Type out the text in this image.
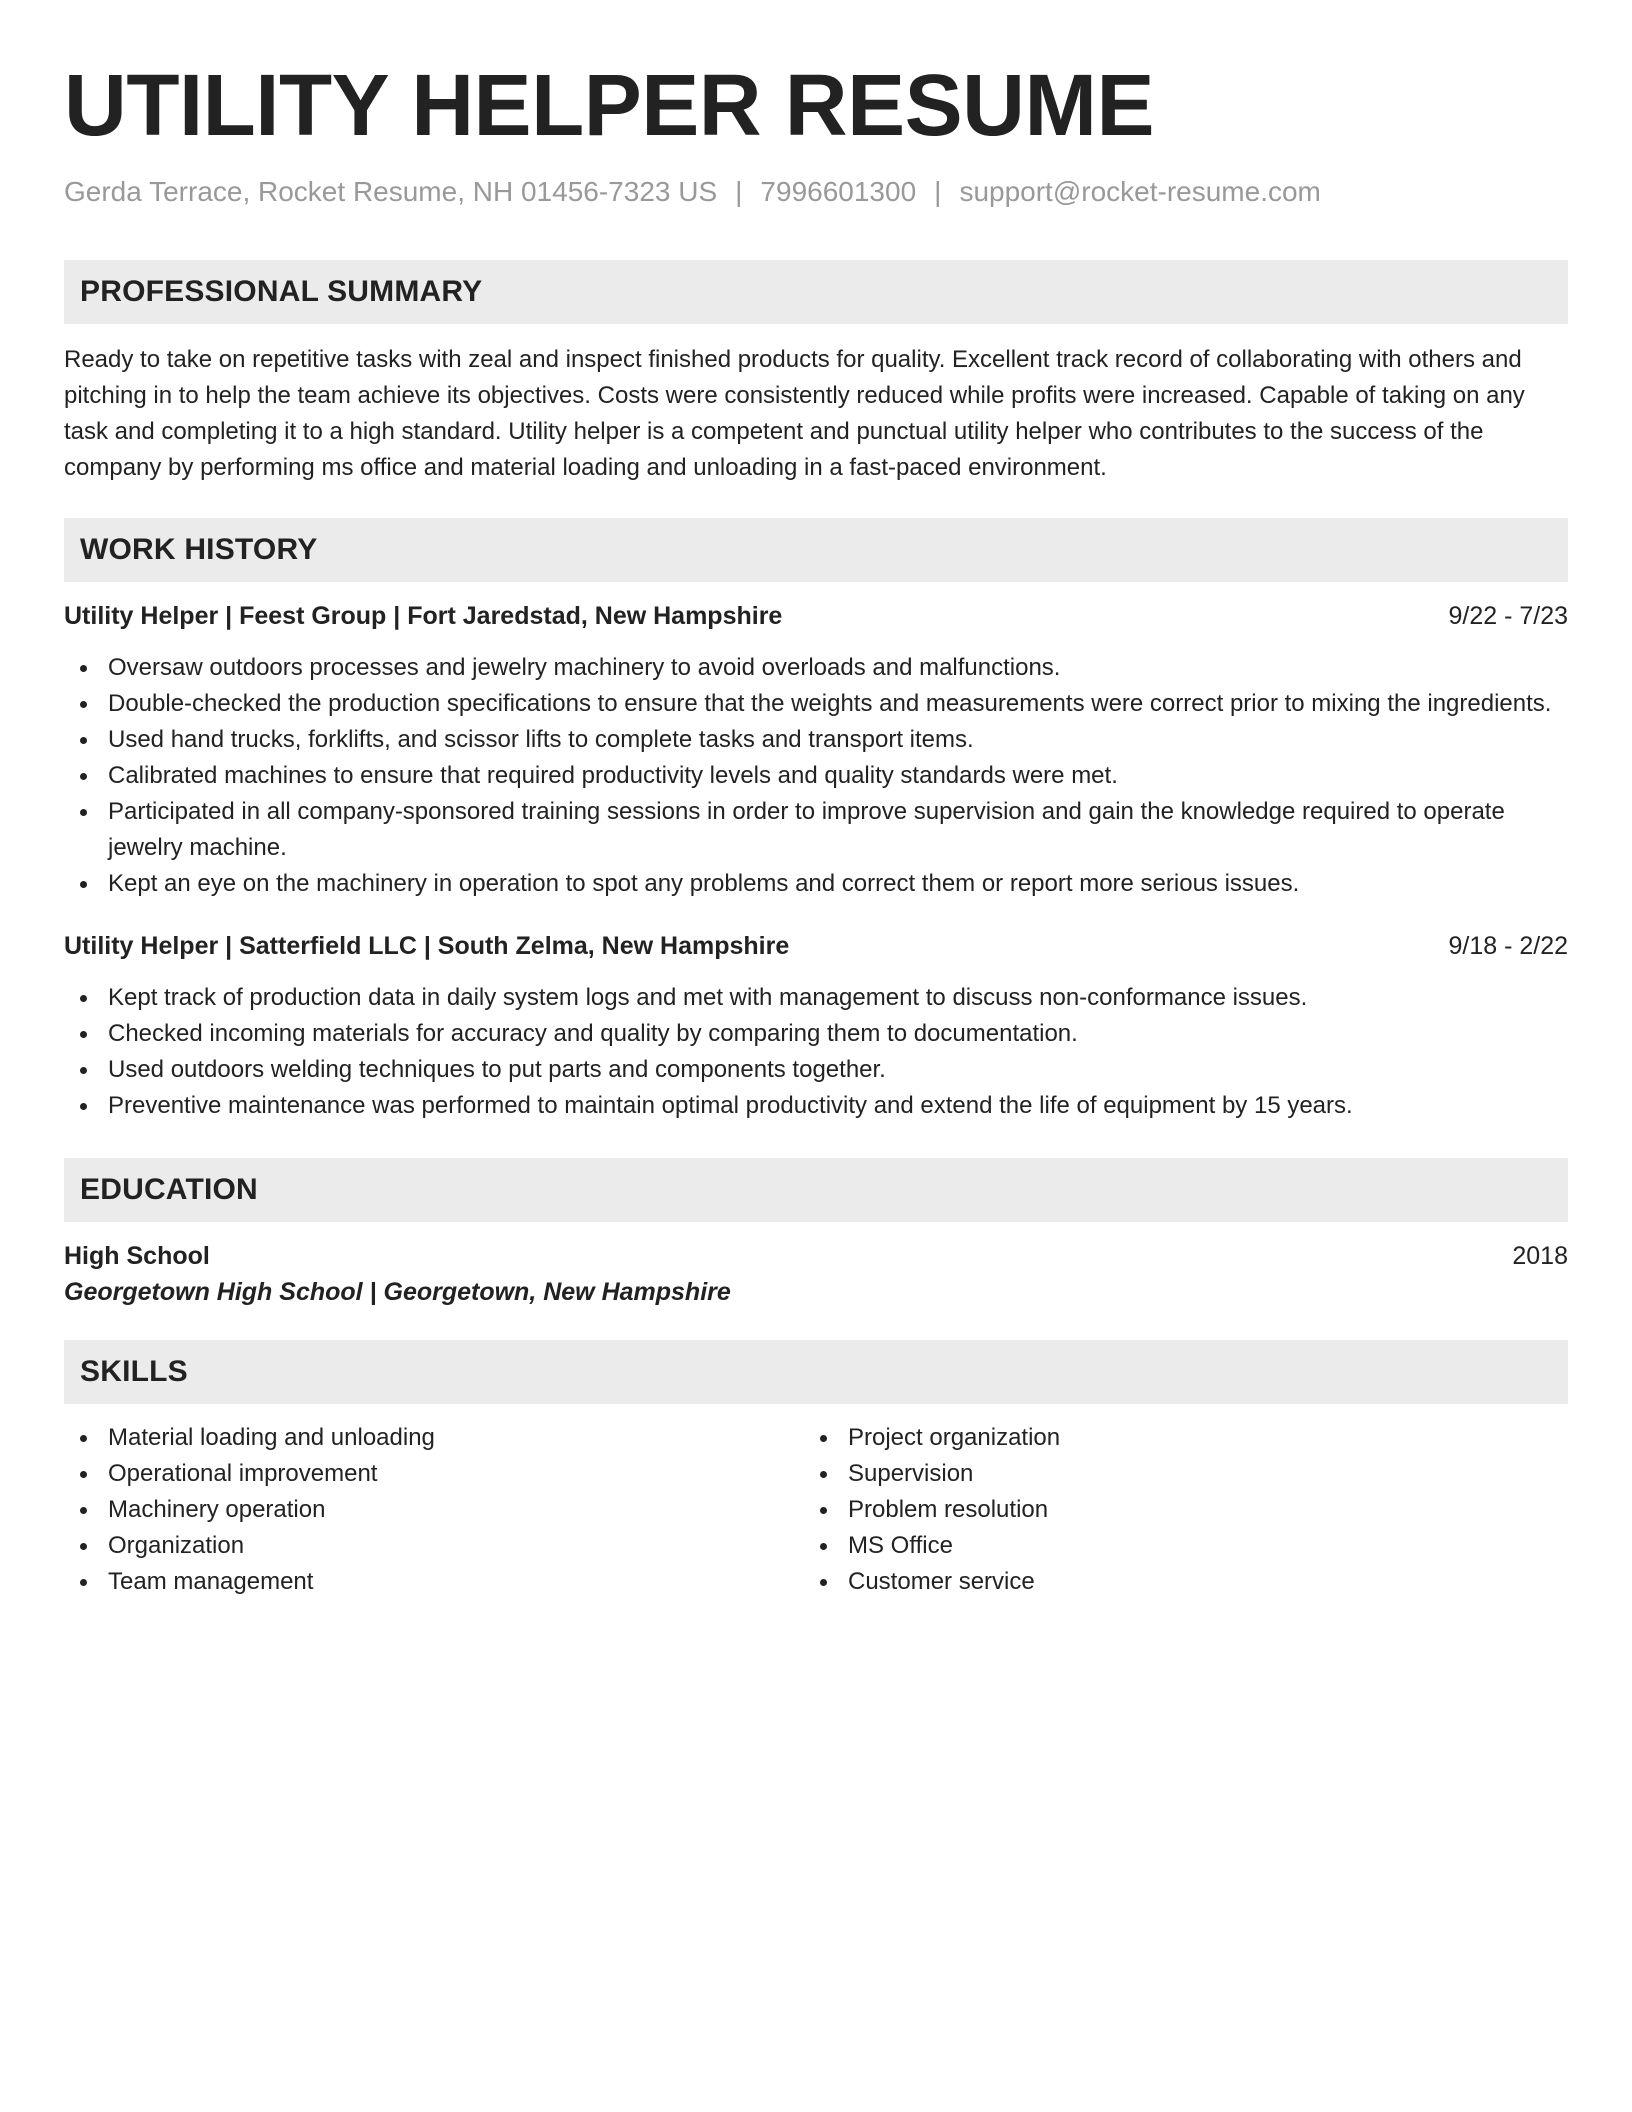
UTILITY HELPER RESUME
Gerda Terrace, Rocket Resume, NH 01456-7323 US | 7996601300 | support@rocket-resume.com
PROFESSIONAL SUMMARY

Ready to take on repetitive tasks with zeal and inspect finished products for quality. Excellent track record of collaborating with others and pitching in to help the team achieve its objectives. Costs were consistently reduced while profits were increased. Capable of taking on any task and completing it to a high standard. Utility helper is a competent and punctual utility helper who contributes to the success of the company by performing ms office and material loading and unloading in a fast-paced environment.

WORK HISTORY
Utility Helper | Feest Group | Fort Jaredstad, New Hampshire	9/22 - 7/23
Oversaw outdoors processes and jewelry machinery to avoid overloads and malfunctions.
Double-checked the production specifications to ensure that the weights and measurements were correct prior to mixing the ingredients.
Used hand trucks, forklifts, and scissor lifts to complete tasks and transport items.
Calibrated machines to ensure that required productivity levels and quality standards were met.
Participated in all company-sponsored training sessions in order to improve supervision and gain the knowledge required to operate jewelry machine.
Kept an eye on the machinery in operation to spot any problems and correct them or report more serious issues.
Utility Helper | Satterfield LLC | South Zelma, New Hampshire	9/18 - 2/22
Kept track of production data in daily system logs and met with management to discuss non-conformance issues.
Checked incoming materials for accuracy and quality by comparing them to documentation.
Used outdoors welding techniques to put parts and components together.
Preventive maintenance was performed to maintain optimal productivity and extend the life of equipment by 15 years.
EDUCATION
High School	2018
Georgetown High School | Georgetown, New Hampshire
SKILLS
Material loading and unloading
Operational improvement
Machinery operation
Organization
Team management
Project organization
Supervision
Problem resolution
MS Office
Customer service
